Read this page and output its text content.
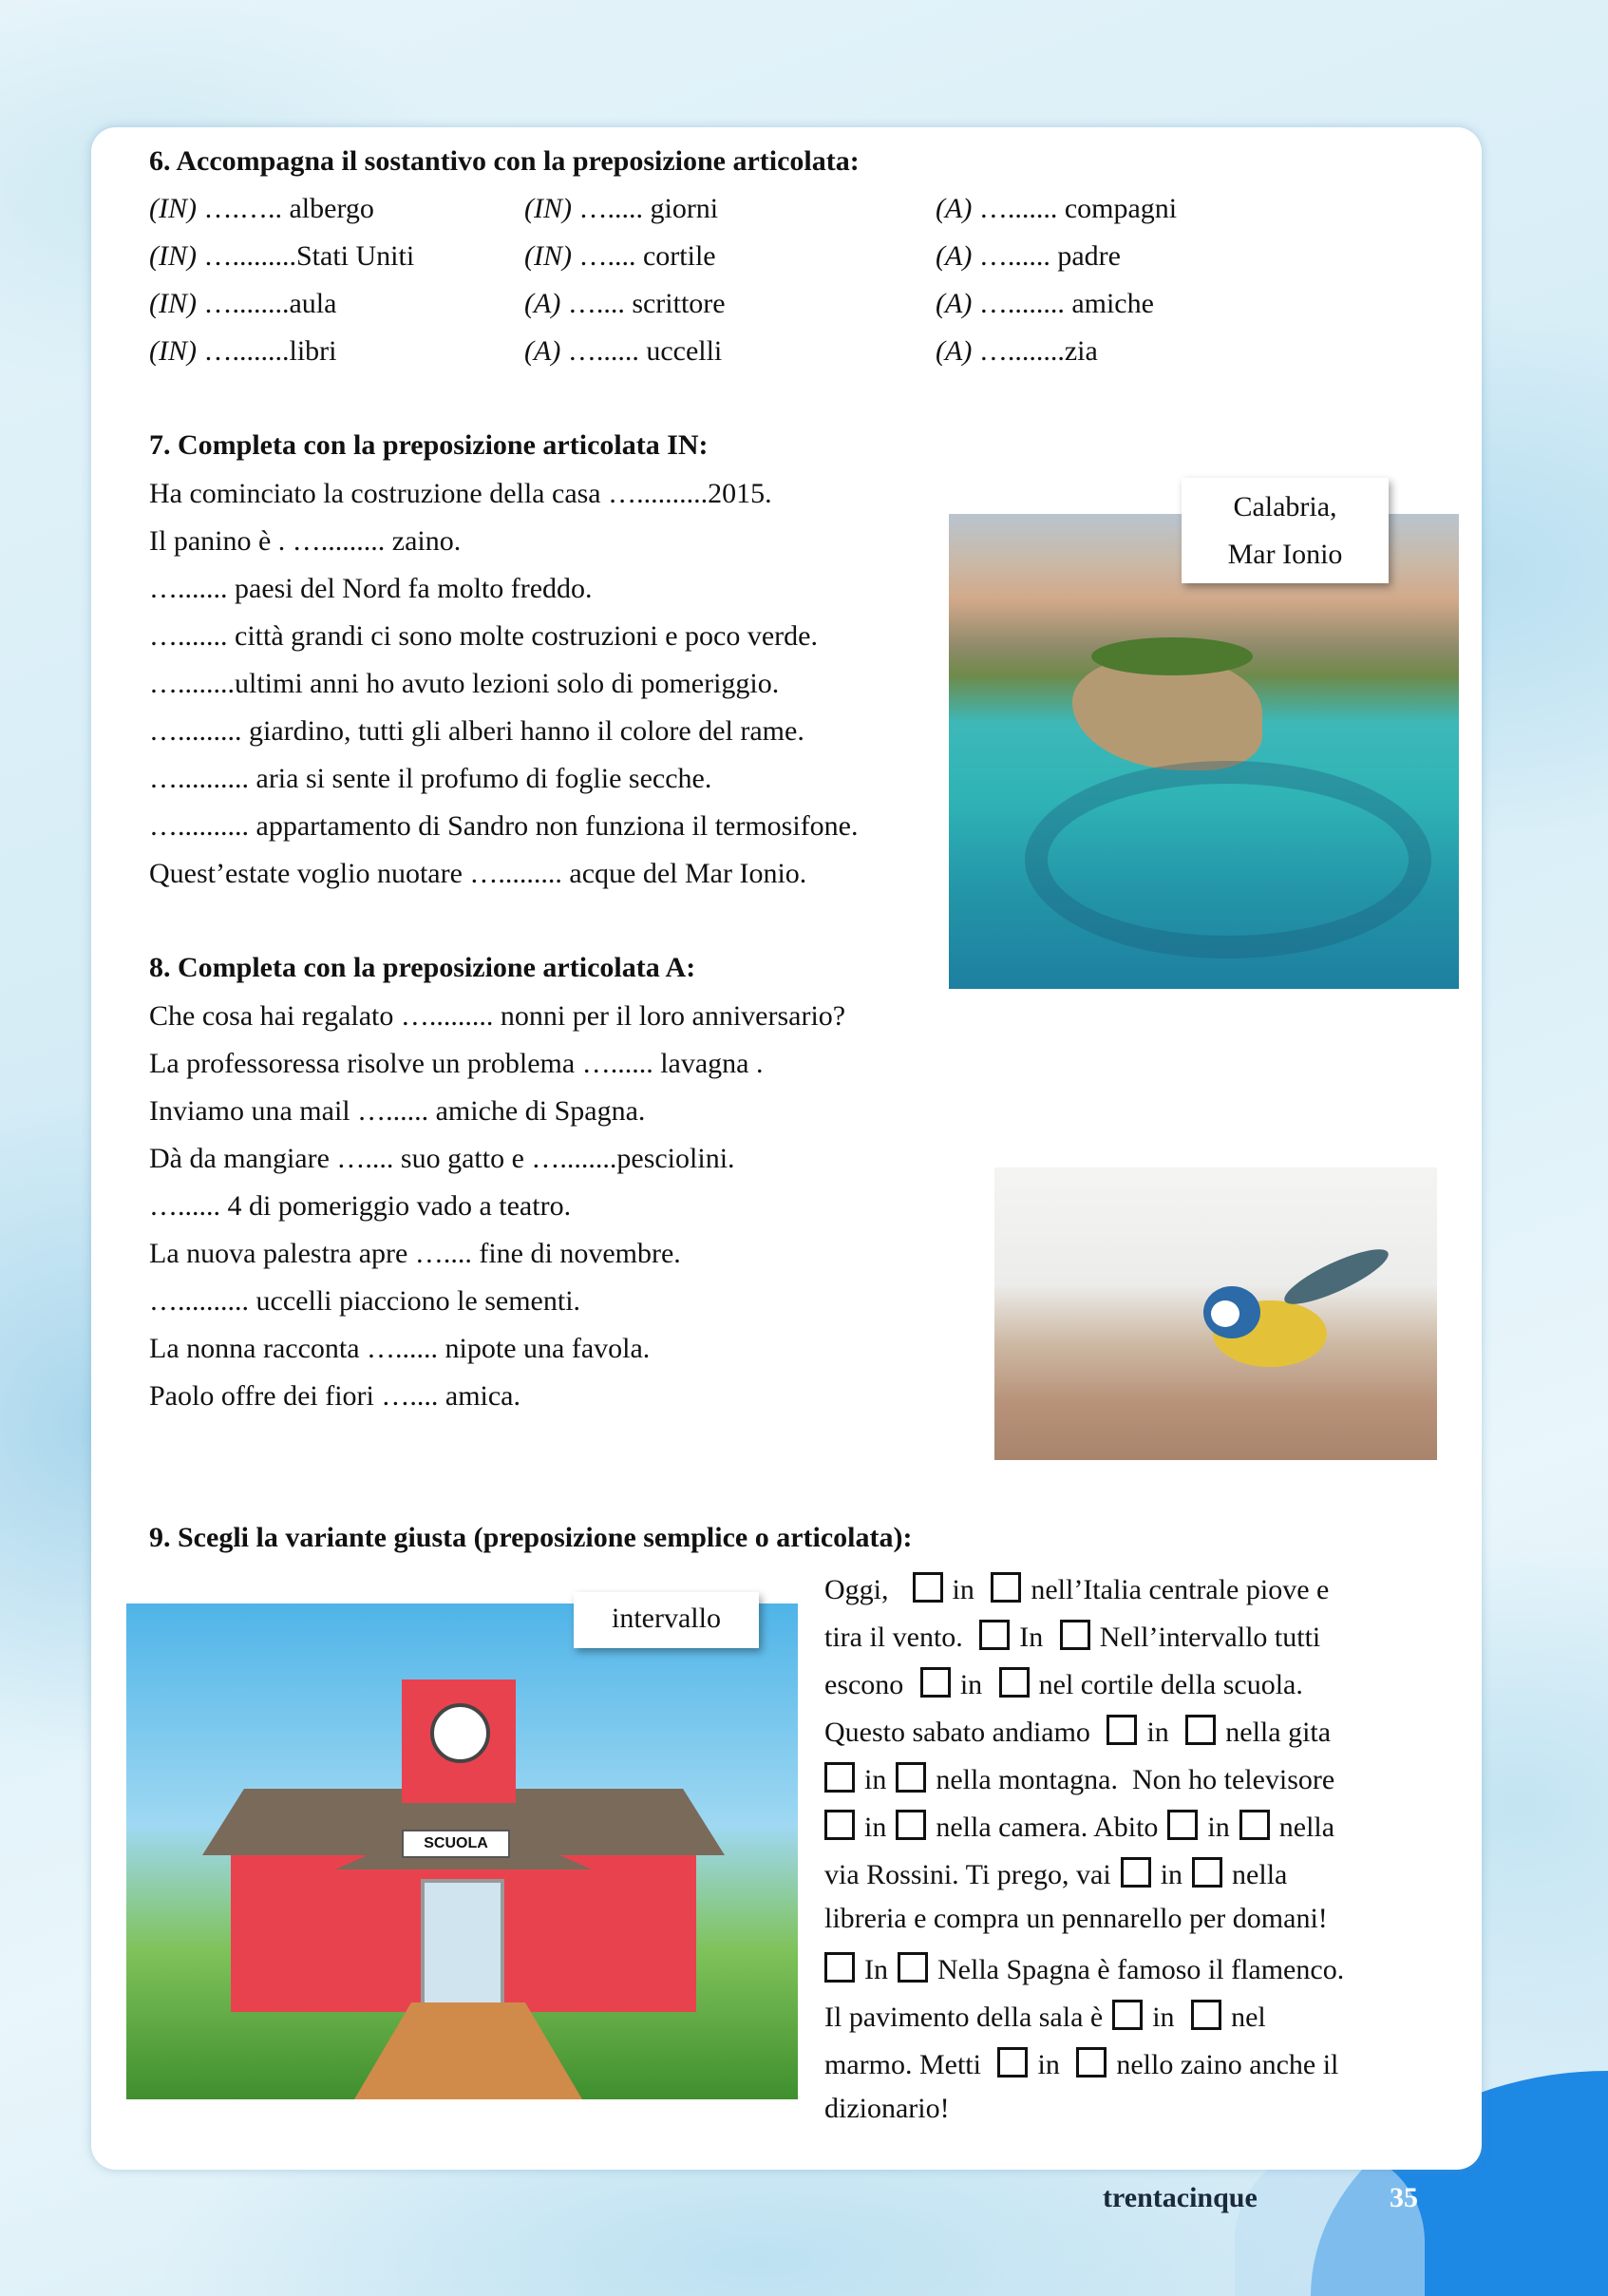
6. Accompagna il sostantivo con la preposizione articolata:
(IN) ….….. albergo	(IN) …..... giorni	(A) …....... compagni
(IN) ….........Stati Uniti	(IN) ….... cortile	(A) …...... padre
(IN) …........aula	(A) ….... scrittore	(A) …........ amiche
(IN) …........libri	(A) …...... uccelli	(A) …........zia
7. Completa con la preposizione articolata IN:
Ha cominciato la costruzione della casa …..........2015.
Il panino è . …......... zaino.
…....... paesi del Nord fa molto freddo.
…....... città grandi ci sono molte costruzioni e poco verde.
…........ultimi anni ho avuto lezioni solo di pomeriggio.
…......... giardino, tutti gli alberi hanno il colore del rame.
….......... aria si sente il profumo di foglie secche.
….......... appartamento di Sandro non funziona il termosifone.
Quest’estate voglio nuotare …......... acque del Mar Ionio.
Calabria,
Mar Ionio
8. Completa con la preposizione articolata A:
Che cosa hai regalato …......... nonni per il loro anniversario?
La professoressa risolve un problema …...... lavagna .
Inviamo una mail …...... amiche di Spagna.
Dà da mangiare ….... suo gatto e …........pesciolini.
…...... 4 di pomeriggio vado a teatro.
La nuova palestra apre ….... fine di novembre.
….......... uccelli piacciono le sementi.
La nonna racconta …...... nipote una favola.
Paolo offre dei fiori ….... amica.
9. Scegli la variante giusta (preposizione semplice o articolata):
SCUOLA
intervallo
Oggi, in nell’Italia centrale piove e
tira il vento. In Nell’intervallo tutti
escono in nel cortile della scuola.
Questo sabato andiamo in nella gita
in nella montagna.  Non ho televisore
in nella camera. Abito in nella
via Rossini. Ti prego, vai in nella
libreria e compra un pennarello per domani!
In Nella Spagna è famoso il flamenco.
Il pavimento della sala è in nel
marmo. Metti in nello zaino anche il
dizionario!
trentacinque	35
